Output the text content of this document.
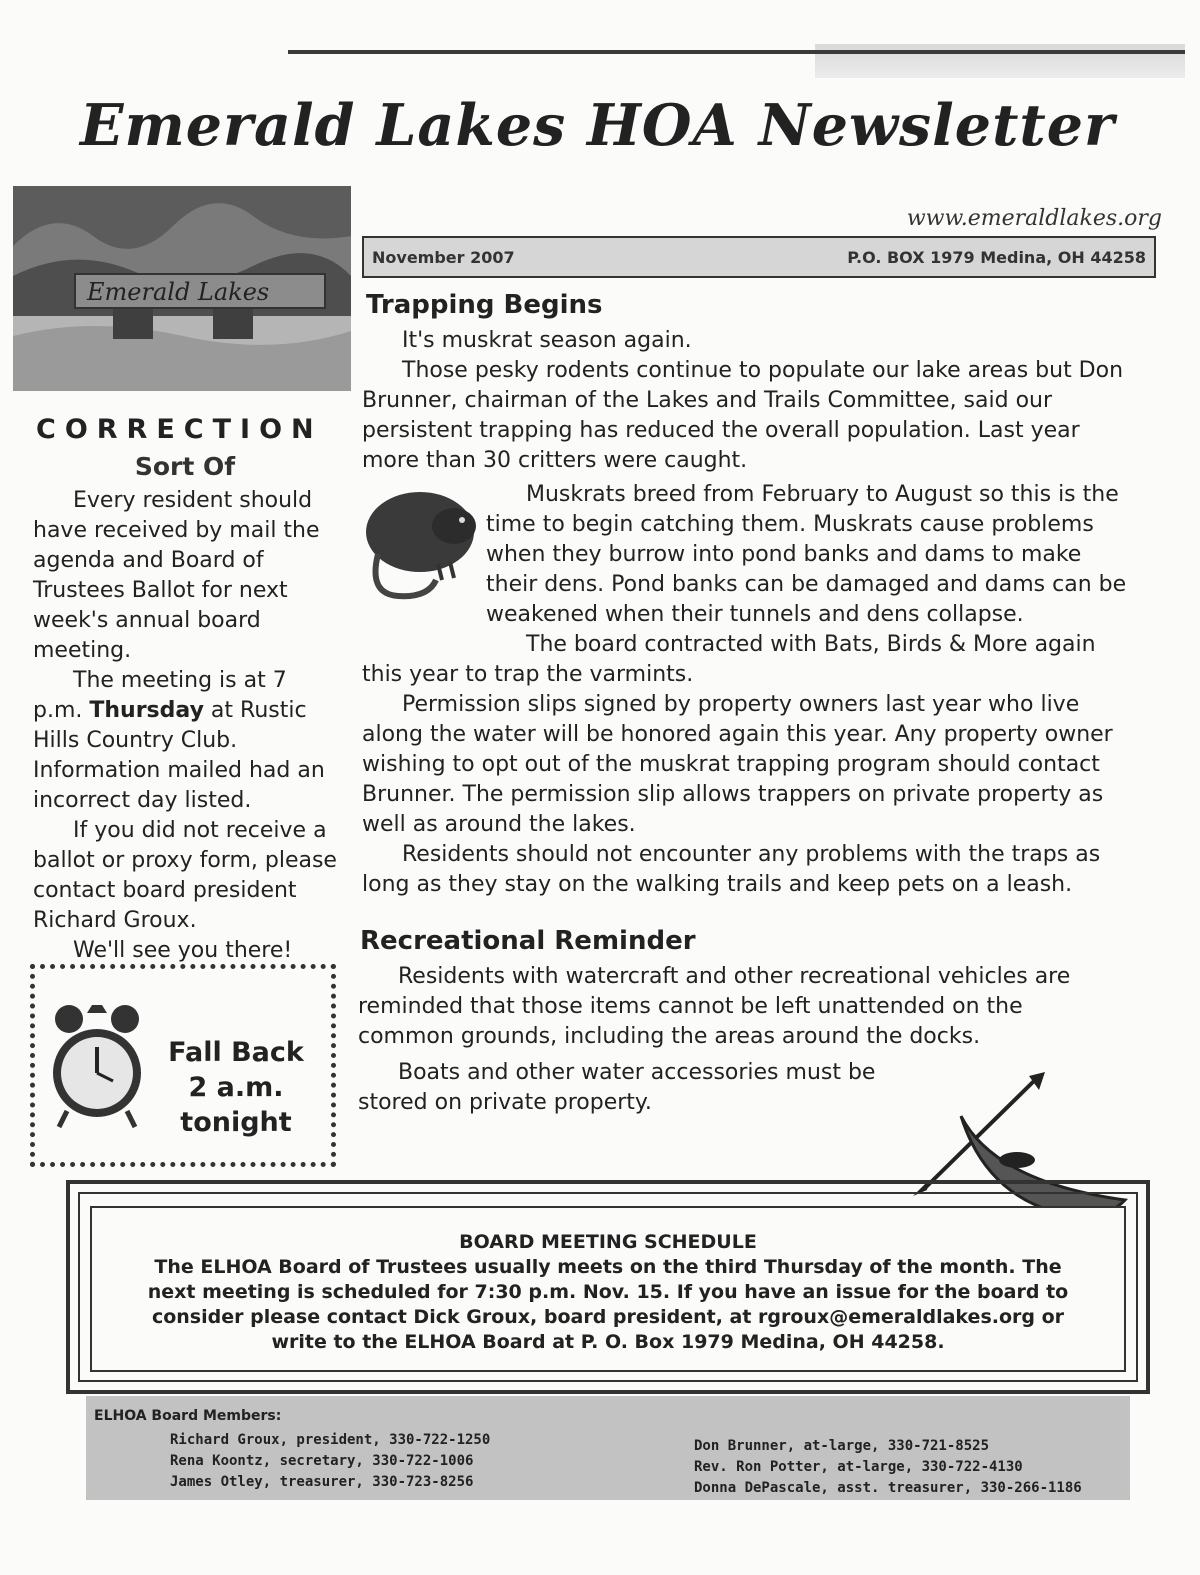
Emerald Lakes HOA Newsletter
www.emeraldlakes.org
November 2007	P.O. BOX 1979 Medina, OH 44258
Emerald Lakes
CORRECTION
Sort Of

Every resident should have received by mail the agenda and Board of Trustees Ballot for next week's annual board meeting.

The meeting is at 7 p.m. Thursday at Rustic Hills Country Club. Information mailed had an incorrect day listed.

If you did not receive a ballot or proxy form, please contact board president Richard Groux.

We'll see you there!

Fall Back
2 a.m.
tonight
Trapping Begins

It's muskrat season again.

Those pesky rodents continue to populate our lake areas but Don Brunner, chairman of the Lakes and Trails Committee, said our persistent trapping has reduced the overall population. Last year more than 30 critters were caught.

Muskrats breed from February to August so this is the time to begin catching them. Muskrats cause problems when they burrow into pond banks and dams to make their dens. Pond banks can be damaged and dams can be weakened when their tunnels and dens collapse.

The board contracted with Bats, Birds & More again this year to trap the varmints.

Permission slips signed by property owners last year who live along the water will be honored again this year. Any property owner wishing to opt out of the muskrat trapping program should contact Brunner. The permission slip allows trappers on private property as well as around the lakes.

Residents should not encounter any problems with the traps as long as they stay on the walking trails and keep pets on a leash.

Recreational Reminder

Residents with watercraft and other recreational vehicles are reminded that those items cannot be left unattended on the common grounds, including the areas around the docks.

Boats and other water accessories must be stored on private property.

BOARD MEETING SCHEDULE
The ELHOA Board of Trustees usually meets on the third Thursday of the month. The next meeting is scheduled for 7:30 p.m. Nov. 15. If you have an issue for the board to consider please contact Dick Groux, board president, at rgroux@emeraldlakes.org or write to the ELHOA Board at P. O. Box 1979 Medina, OH 44258.
ELHOA Board Members:
Richard Groux, president, 330-722-1250
Rena Koontz, secretary, 330-722-1006
James Otley, treasurer, 330-723-8256
Don Brunner, at-large, 330-721-8525
Rev. Ron Potter, at-large, 330-722-4130
Donna DePascale, asst. treasurer, 330-266-1186
